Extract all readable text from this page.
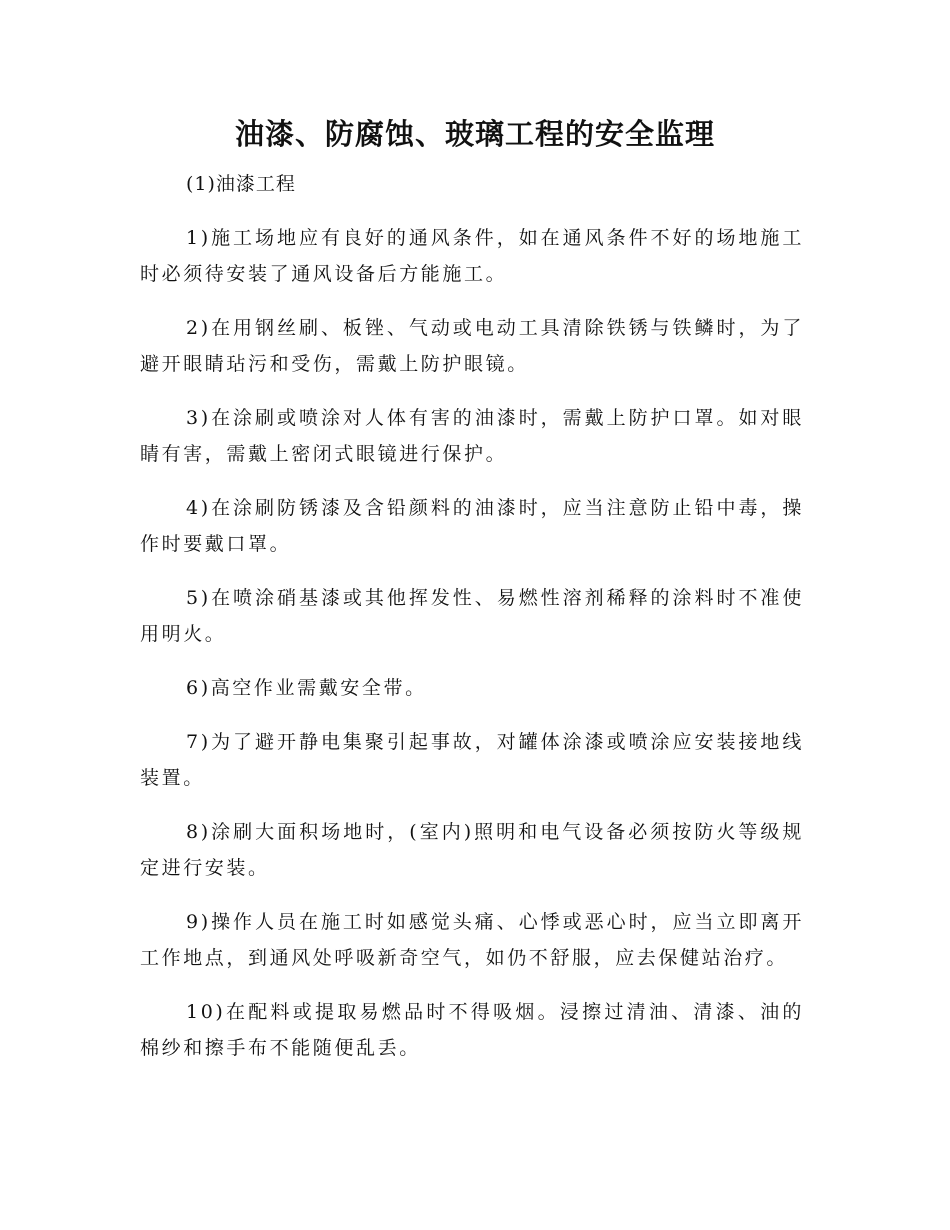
油漆、防腐蚀、玻璃工程的安全监理

(1)油漆工程

1)施工场地应有良好的通风条件，如在通风条件不好的场地施工时必须待安装了通风设备后方能施工。

2)在用钢丝刷、板锉、气动或电动工具清除铁锈与铁鳞时，为了避开眼睛玷污和受伤，需戴上防护眼镜。

3)在涂刷或喷涂对人体有害的油漆时，需戴上防护口罩。如对眼睛有害，需戴上密闭式眼镜进行保护。

4)在涂刷防锈漆及含铅颜料的油漆时，应当注意防止铅中毒，操作时要戴口罩。

5)在喷涂硝基漆或其他挥发性、易燃性溶剂稀释的涂料时不准使用明火。

6)高空作业需戴安全带。

7)为了避开静电集聚引起事故，对罐体涂漆或喷涂应安装接地线装置。

8)涂刷大面积场地时，(室内)照明和电气设备必须按防火等级规定进行安装。

9)操作人员在施工时如感觉头痛、心悸或恶心时，应当立即离开工作地点，到通风处呼吸新奇空气，如仍不舒服，应去保健站治疗。

10)在配料或提取易燃品时不得吸烟。浸擦过清油、清漆、油的棉纱和擦手布不能随便乱丢。
